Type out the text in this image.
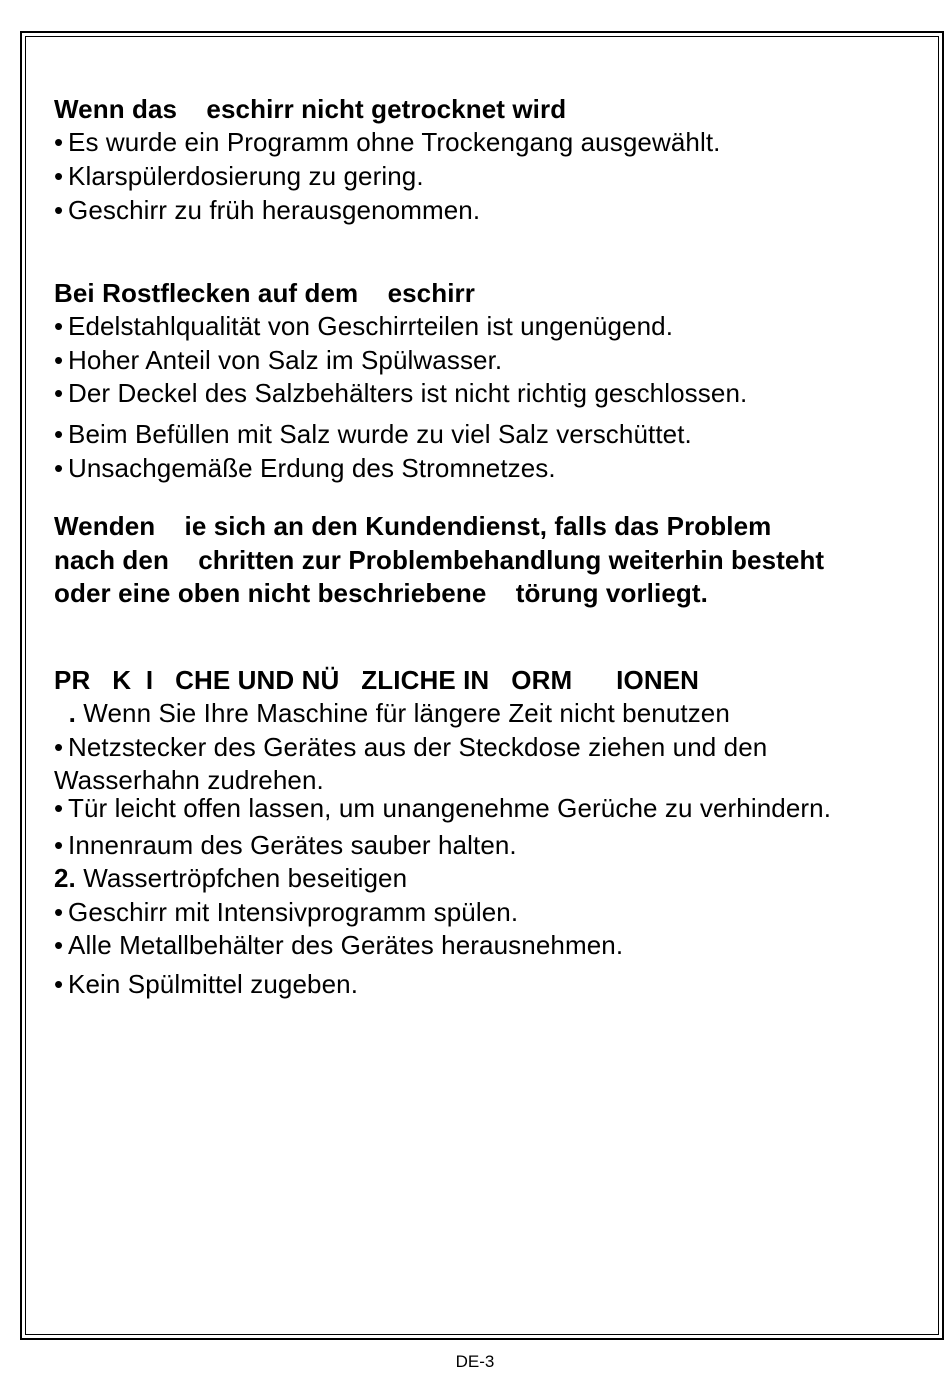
Wenn das    eschirr nicht getrocknet wird
• Es wurde ein Programm ohne Trockengang ausgewählt.
• Klarspülerdosierung zu gering.
• Geschirr zu früh herausgenommen.
Bei Rostflecken auf dem    eschirr
• Edelstahlqualität von Geschirrteilen ist ungenügend.
• Hoher Anteil von Salz im Spülwasser.
• Der Deckel des Salzbehälters ist nicht richtig geschlossen.
• Beim Befüllen mit Salz wurde zu viel Salz verschüttet.
• Unsachgemäße Erdung des Stromnetzes.
Wenden    ie sich an den Kundendienst, falls das Problem
nach den    chritten zur Problembehandlung weiterhin besteht
oder eine oben nicht beschriebene    törung vorliegt.
PR   K  I   CHE UND NÜ   ZLICHE IN   ORM      IONEN
. Wenn Sie Ihre Maschine für längere Zeit nicht benutzen
• Netzstecker des Gerätes aus der Steckdose ziehen und den
Wasserhahn zudrehen.
• Tür leicht offen lassen, um unangenehme Gerüche zu verhindern.
• Innenraum des Gerätes sauber halten.
2. Wassertröpfchen beseitigen
• Geschirr mit Intensivprogramm spülen.
• Alle Metallbehälter des Gerätes herausnehmen.
• Kein Spülmittel zugeben.
DE-3
